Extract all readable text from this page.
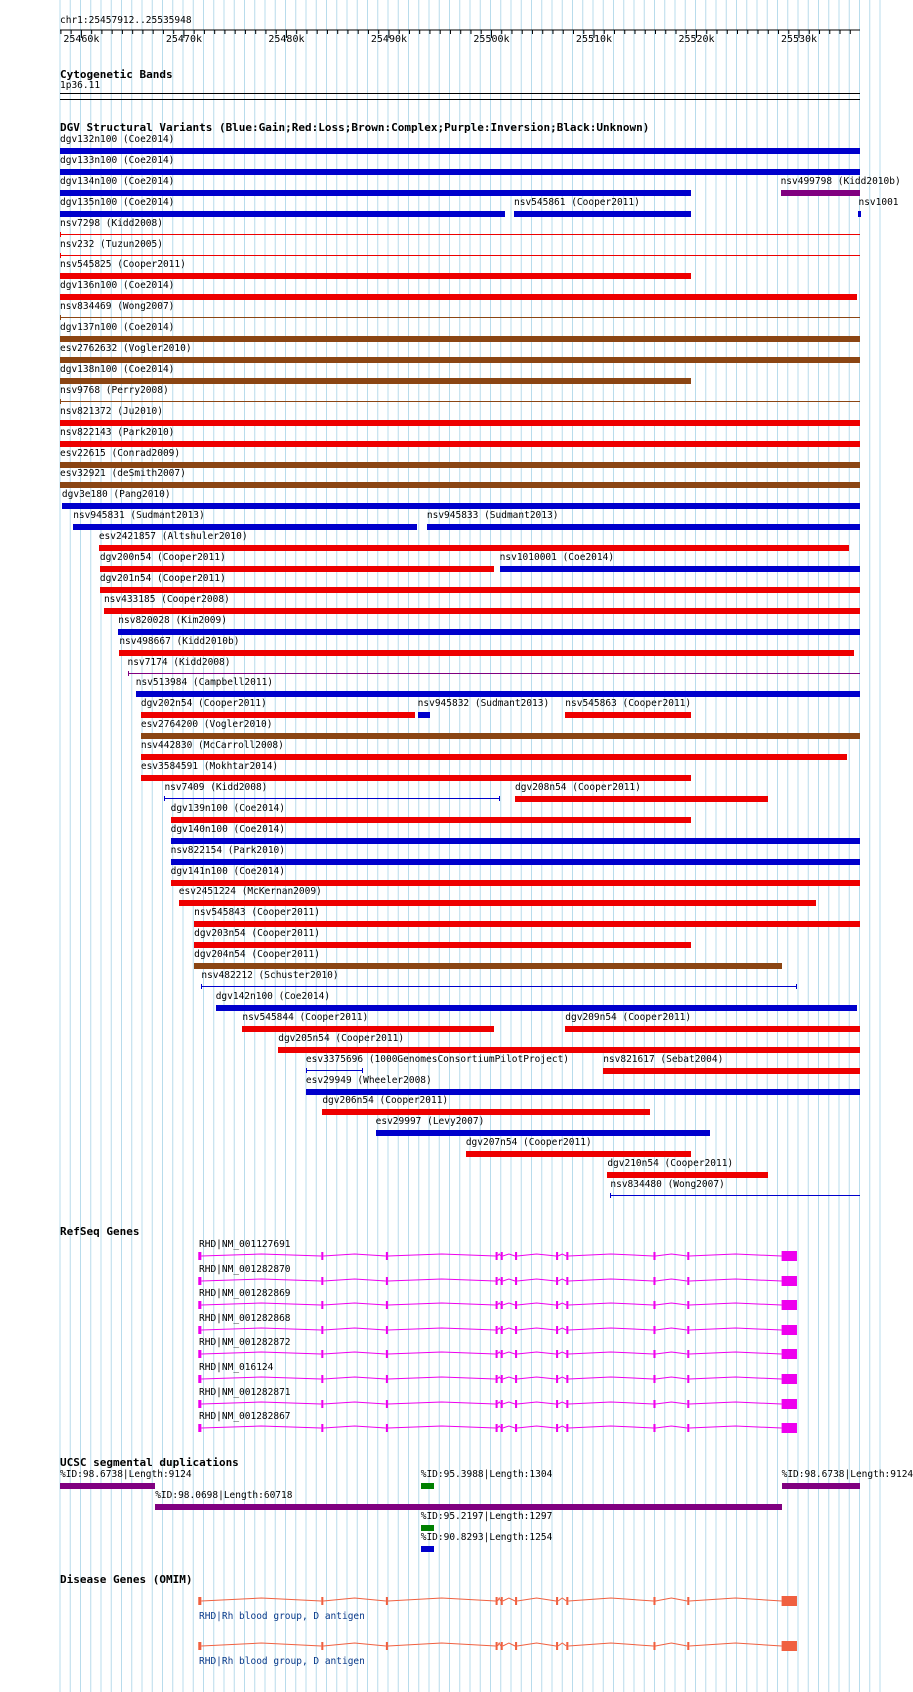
chr1:25457912..25535948
25460k	25470k	25480k	25490k	25500k	25510k	25520k	25530k
Cytogenetic Bands
1p36.11
DGV Structural Variants (Blue:Gain;Red:Loss;Brown:Complex;Purple:Inversion;Black:Unknown)
dgv132n100 (Coe2014)
dgv133n100 (Coe2014)
dgv134n100 (Coe2014)	nsv499798 (Kidd2010b)
dgv135n100 (Coe2014)	nsv545861 (Cooper2011)	nsv1001
nsv7298 (Kidd2008)
nsv232 (Tuzun2005)
nsv545825 (Cooper2011)
dgv136n100 (Coe2014)
nsv834469 (Wong2007)
dgv137n100 (Coe2014)
esv2762632 (Vogler2010)
dgv138n100 (Coe2014)
nsv9768 (Perry2008)
nsv821372 (Ju2010)
nsv822143 (Park2010)
esv22615 (Conrad2009)
esv32921 (deSmith2007)
dgv3e180 (Pang2010)
nsv945831 (Sudmant2013)	nsv945833 (Sudmant2013)
esv2421857 (Altshuler2010)
dgv200n54 (Cooper2011)	nsv1010001 (Coe2014)
dgv201n54 (Cooper2011)
nsv433185 (Cooper2008)
nsv820028 (Kim2009)
nsv498667 (Kidd2010b)
nsv7174 (Kidd2008)
nsv513984 (Campbell2011)
dgv202n54 (Cooper2011)	nsv945832 (Sudmant2013) nsv545863 (Cooper2011)
esv2764200 (Vogler2010)
nsv442830 (McCarroll2008)
esv3584591 (Mokhtar2014)
nsv7409 (Kidd2008)	dgv208n54 (Cooper2011)
dgv139n100 (Coe2014)
dgv140n100 (Coe2014)
nsv822154 (Park2010)
dgv141n100 (Coe2014)
esv2451224 (McKernan2009)
nsv545843 (Cooper2011)
dgv203n54 (Cooper2011)
dgv204n54 (Cooper2011)
nsv482212 (Schuster2010)
dgv142n100 (Coe2014)
nsv545844 (Cooper2011)	dgv209n54 (Cooper2011)
dgv205n54 (Cooper2011)
esv3375696 (1000GenomesConsortiumPilotProject)	nsv821617 (Sebat2004)
esv29949 (Wheeler2008)
dgv206n54 (Cooper2011)
esv29997 (Levy2007)
dgv207n54 (Cooper2011)
dgv210n54 (Cooper2011)
nsv834480 (Wong2007)
RefSeq Genes
RHD|NM_001127691
RHD|NM_001282870
RHD|NM_001282869
RHD|NM_001282868
RHD|NM_001282872
RHD|NM_016124
RHD|NM_001282871
RHD|NM_001282867
UCSC segmental duplications
%ID:98.6738|Length:9124	%ID:95.3988|Length:1304	%ID:98.6738|Length:9124
%ID:98.0698|Length:60718
%ID:95.2197|Length:1297
%ID:90.8293|Length:1254
Disease Genes (OMIM)
RHD|Rh blood group, D antigen
RHD|Rh blood group, D antigen
